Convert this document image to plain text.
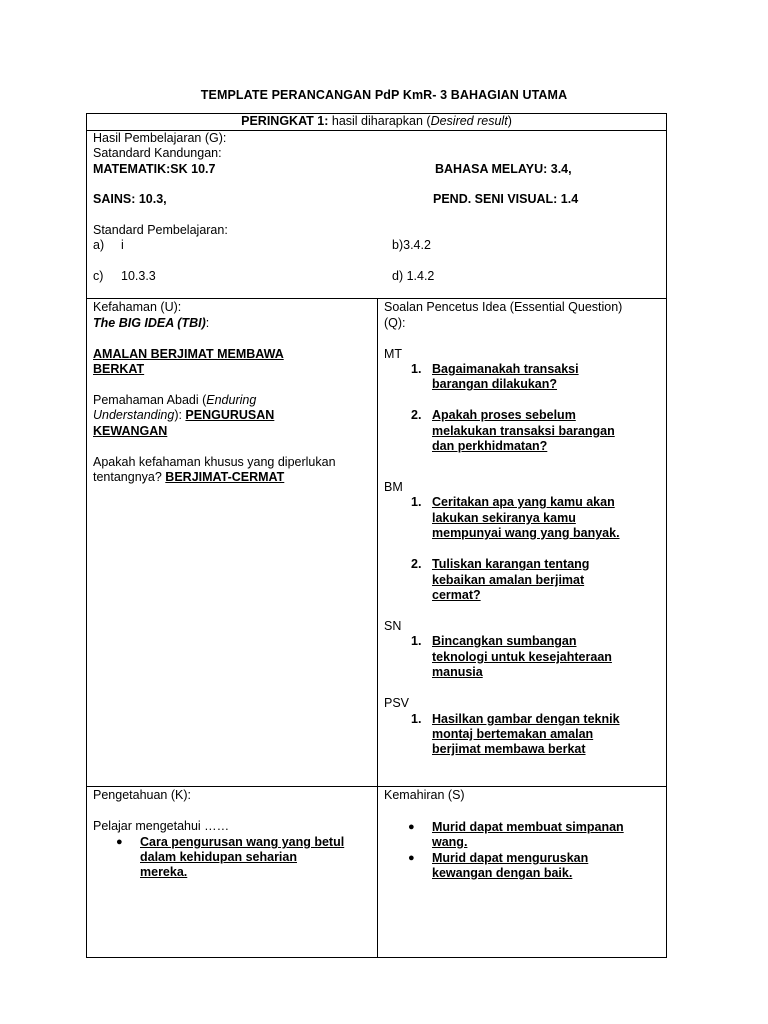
TEMPLATE PERANCANGAN PdP KmR- 3 BAHAGIAN UTAMA
PERINGKAT 1: hasil diharapkan (Desired result)
Hasil Pembelajaran (G):
Satandard Kandungan:
MATEMATIK:SK 10.7	BAHASA MELAYU: 3.4,
SAINS: 10.3,	PEND. SENI VISUAL: 1.4
Standard Pembelajaran:
a) i	b)3.4.2
c) 10.3.3	d) 1.4.2
Kefahaman (U):
The BIG IDEA (TBI):
AMALAN BERJIMAT MEMBAWA
BERKAT
Pemahaman Abadi (Enduring
Understanding): PENGURUSAN
KEWANGAN
Apakah kefahaman khusus yang diperlukan
tentangnya? BERJIMAT-CERMAT
Soalan Pencetus Idea (Essential Question)
(Q):
MT
1. Bagaimanakah transaksi
barangan dilakukan?
2. Apakah proses sebelum
melakukan transaksi barangan
dan perkhidmatan?
BM
1. Ceritakan apa yang kamu akan
lakukan sekiranya kamu
mempunyai wang yang banyak.
2. Tuliskan karangan tentang
kebaikan amalan berjimat
cermat?
SN
1. Bincangkan sumbangan
teknologi untuk kesejahteraan
manusia
PSV
1. Hasilkan gambar dengan teknik
montaj bertemakan amalan
berjimat membawa berkat
Pengetahuan (K):
Pelajar mengetahui ……
● Cara pengurusan wang yang betul
dalam kehidupan seharian
mereka.
Kemahiran (S)
● Murid dapat membuat simpanan
wang.
● Murid dapat menguruskan
kewangan dengan baik.
